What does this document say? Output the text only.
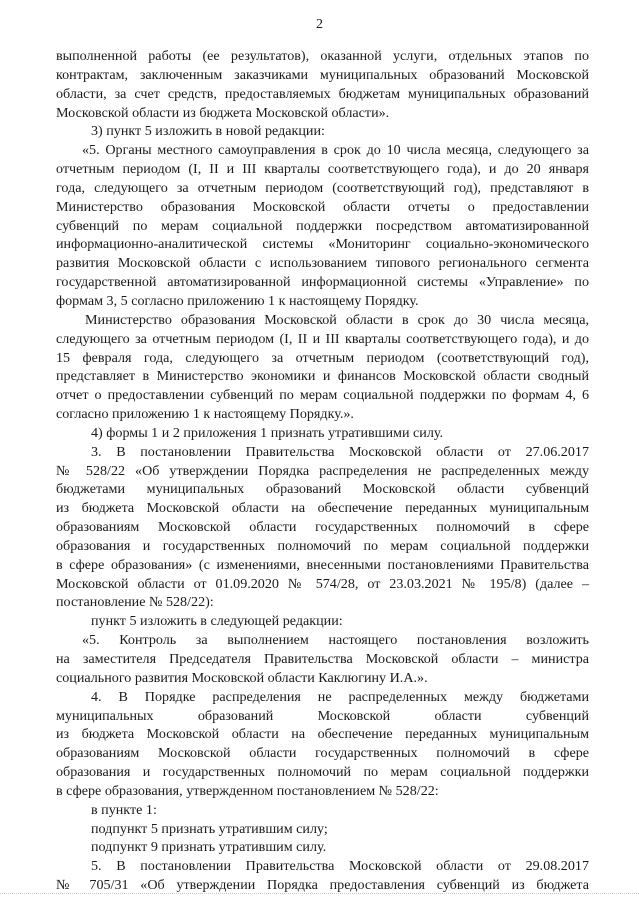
2
выполненной работы (ее результатов), оказанной услуги, отдельных этапов по
контрактам, заключенным заказчиками муниципальных образований Московской
области, за счет средств, предоставляемых бюджетам муниципальных образований
Московской области из бюджета Московской области».
3) пункт 5 изложить в новой редакции:
«5. Органы местного самоуправления в срок до 10 числа месяца, следующего за
отчетным периодом (I, II и III кварталы соответствующего года), и до 20 января
года, следующего за отчетным периодом (соответствующий год), представляют в
Министерство образования Московской области отчеты о предоставлении
субвенций по мерам социальной поддержки посредством автоматизированной
информационно-аналитической системы «Мониторинг социально-экономического
развития Московской области с использованием типового регионального сегмента
государственной автоматизированной информационной системы «Управление» по
формам 3, 5 согласно приложению 1 к настоящему Порядку.
Министерство образования Московской области в срок до 30 числа месяца,
следующего за отчетным периодом (I, II и III кварталы соответствующего года), и до
15 февраля года, следующего за отчетным периодом (соответствующий год),
представляет в Министерство экономики и финансов Московской области сводный
отчет о предоставлении субвенций по мерам социальной поддержки по формам 4, 6
согласно приложению 1 к настоящему Порядку.».
4) формы 1 и 2 приложения 1 признать утратившими силу.
3. В постановлении Правительства Московской области от 27.06.2017
№ 528/22 «Об утверждении Порядка распределения не распределенных между
бюджетами муниципальных образований Московской области субвенций
из бюджета Московской области на обеспечение переданных муниципальным
образованиям Московской области государственных полномочий в сфере
образования и государственных полномочий по мерам социальной поддержки
в сфере образования» (с изменениями, внесенными постановлениями Правительства
Московской области от 01.09.2020 № 574/28, от 23.03.2021 № 195/8) (далее –
постановление № 528/22):
пункт 5 изложить в следующей редакции:
«5. Контроль за выполнением настоящего постановления возложить
на заместителя Председателя Правительства Московской области – министра
социального развития Московской области Каклюгину И.А.».
4. В Порядке распределения не распределенных между бюджетами
муниципальных образований Московской области субвенций
из бюджета Московской области на обеспечение переданных муниципальным
образованиям Московской области государственных полномочий в сфере
образования и государственных полномочий по мерам социальной поддержки
в сфере образования, утвержденном постановлением № 528/22:
в пункте 1:
подпункт 5 признать утратившим силу;
подпункт 9 признать утратившим силу.
5. В постановлении Правительства Московской области от 29.08.2017
№ 705/31 «Об утверждении Порядка предоставления субвенций из бюджета
